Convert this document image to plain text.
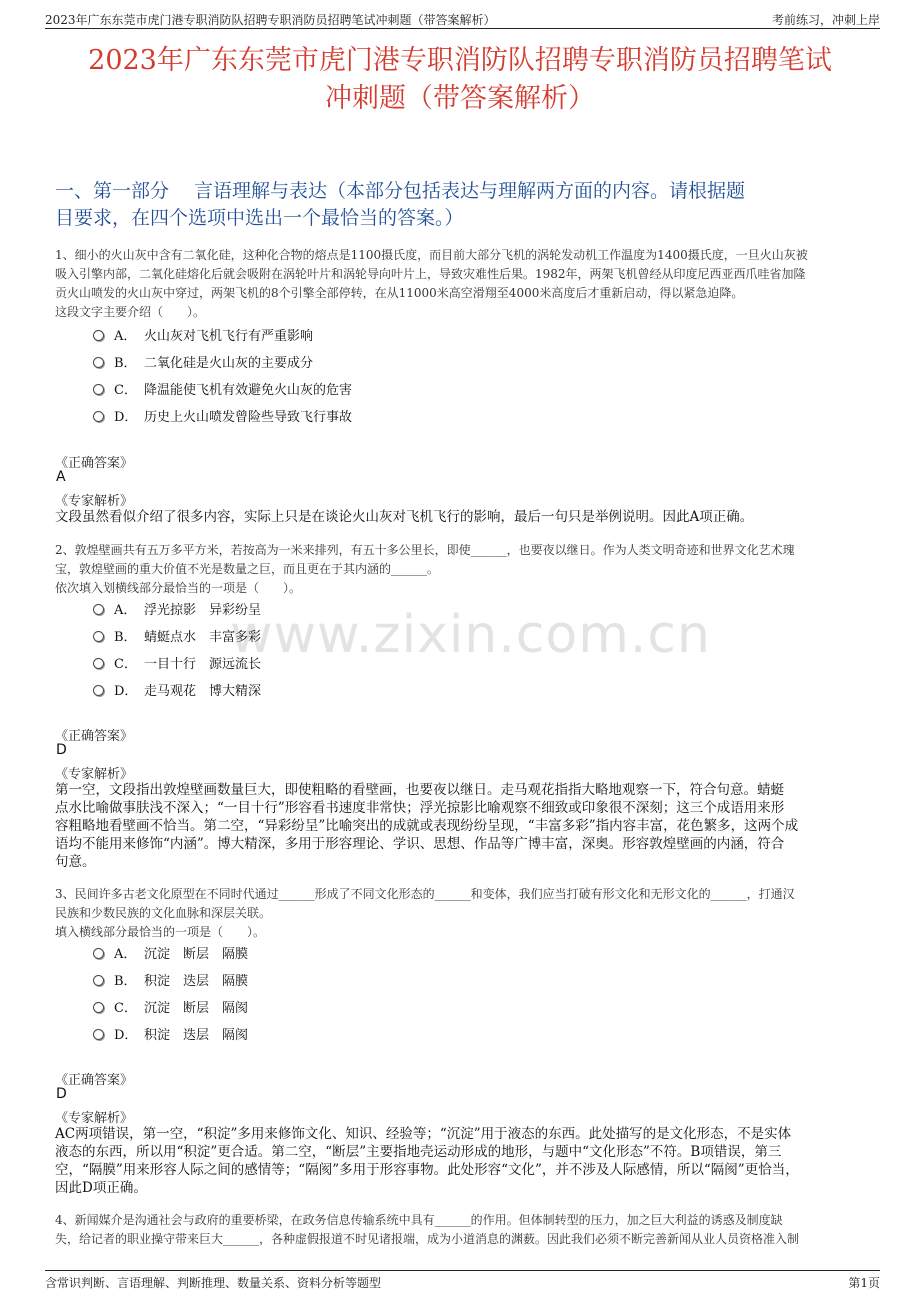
2023年广东东莞市虎门港专职消防队招聘专职消防员招聘笔试冲刺题（带答案解析）	考前练习，冲刺上岸
2023年广东东莞市虎门港专职消防队招聘专职消防员招聘笔试
冲刺题（带答案解析）
一、第一部分　 言语理解与表达（本部分包括表达与理解两方面的内容。请根据题
目要求，在四个选项中选出一个最恰当的答案。）
www.zixin.com.cn
1、细小的火山灰中含有二氧化硅，这种化合物的熔点是1100摄氏度，而目前大部分飞机的涡轮发动机工作温度为1400摄氏度，一旦火山灰被
吸入引擎内部，二氧化硅熔化后就会吸附在涡轮叶片和涡轮导向叶片上，导致灾难性后果。1982年，两架飞机曾经从印度尼西亚西爪哇省加隆
贡火山喷发的火山灰中穿过，两架飞机的8个引擎全部停转，在从11000米高空滑翔至4000米高度后才重新启动，得以紧急迫降。
这段文字主要介绍（　　）。
A． 火山灰对飞机飞行有严重影响
B． 二氧化硅是火山灰的主要成分
C． 降温能使飞机有效避免火山灰的危害
D． 历史上火山喷发曾险些导致飞行事故
《正确答案》
A
《专家解析》
文段虽然看似介绍了很多内容，实际上只是在谈论火山灰对飞机飞行的影响，最后一句只是举例说明。因此A项正确。
2、敦煌壁画共有五万多平方米，若按高为一米来排列，有五十多公里长，即使______，也要夜以继日。作为人类文明奇迹和世界文化艺术瑰
宝，敦煌壁画的重大价值不光是数量之巨，而且更在于其内涵的______。
依次填入划横线部分最恰当的一项是（　　）。
A． 浮光掠影　异彩纷呈
B． 蜻蜓点水　丰富多彩
C． 一目十行　源远流长
D． 走马观花　博大精深
《正确答案》
D
《专家解析》
第一空，文段指出敦煌壁画数量巨大，即使粗略的看壁画，也要夜以继日。走马观花指指大略地观察一下，符合句意。蜻蜓
点水比喻做事肤浅不深入；“一目十行”形容看书速度非常快；浮光掠影比喻观察不细致或印象很不深刻；这三个成语用来形
容粗略地看壁画不恰当。第二空，“异彩纷呈”比喻突出的成就或表现纷纷呈现，“丰富多彩”指内容丰富，花色繁多，这两个成
语均不能用来修饰“内涵”。博大精深，多用于形容理论、学识、思想、作品等广博丰富，深奥。形容敦煌壁画的内涵，符合
句意。
3、民间许多古老文化原型在不同时代通过______形成了不同文化形态的______和变体，我们应当打破有形文化和无形文化的______，打通汉
民族和少数民族的文化血脉和深层关联。
填入横线部分最恰当的一项是（　　）。
A． 沉淀　断层　隔膜
B． 积淀　迭层　隔膜
C． 沉淀　断层　隔阂
D． 积淀　迭层　隔阂
《正确答案》
D
《专家解析》
AC两项错误，第一空，“积淀”多用来修饰文化、知识、经验等；“沉淀”用于液态的东西。此处描写的是文化形态，不是实体
液态的东西，所以用“积淀”更合适。第二空，“断层”主要指地壳运动形成的地形，与题中“文化形态”不符。B项错误，第三
空，“隔膜”用来形容人际之间的感情等；“隔阂”多用于形容事物。此处形容“文化”，并不涉及人际感情，所以“隔阂”更恰当，
因此D项正确。
4、新闻媒介是沟通社会与政府的重要桥梁，在政务信息传输系统中具有______的作用。但体制转型的压力，加之巨大利益的诱惑及制度缺
失，给记者的职业操守带来巨大______，各种虚假报道不时见诸报端，成为小道消息的渊薮。因此我们必须不断完善新闻从业人员资格准入制
含常识判断、言语理解、判断推理、数量关系、资料分析等题型	第1页
